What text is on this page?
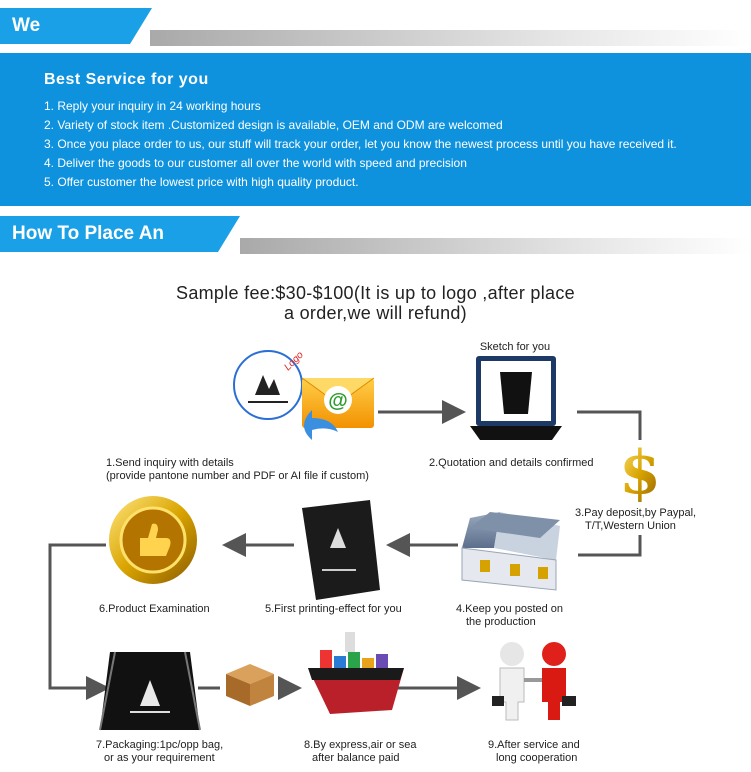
We
Best Service for you
1. Reply your inquiry in 24 working hours
2. Variety of stock item .Customized design is available, OEM and ODM are welcomed
3. Once you place order to us, our stuff will track your order, let you know the newest process until you have received it.
4. Deliver the goods to our customer all over the world with speed and precision
5. Offer customer the lowest price with high quality product.
How To Place An Order
Sample fee:$30-$100(It is up to logo ,after place
a order,we will refund)
Logo
@
Sketch for you
$
1.Send inquiry with details
(provide pantone number and PDF or AI file if custom)
2.Quotation and details confirmed
3.Pay deposit,by Paypal,
T/T,Western Union
4.Keep you posted on
the production
5.First printing-effect for you
6.Product Examination
7.Packaging:1pc/opp bag,
or as your requirement
8.By express,air or sea
after balance paid
9.After service and
long cooperation
